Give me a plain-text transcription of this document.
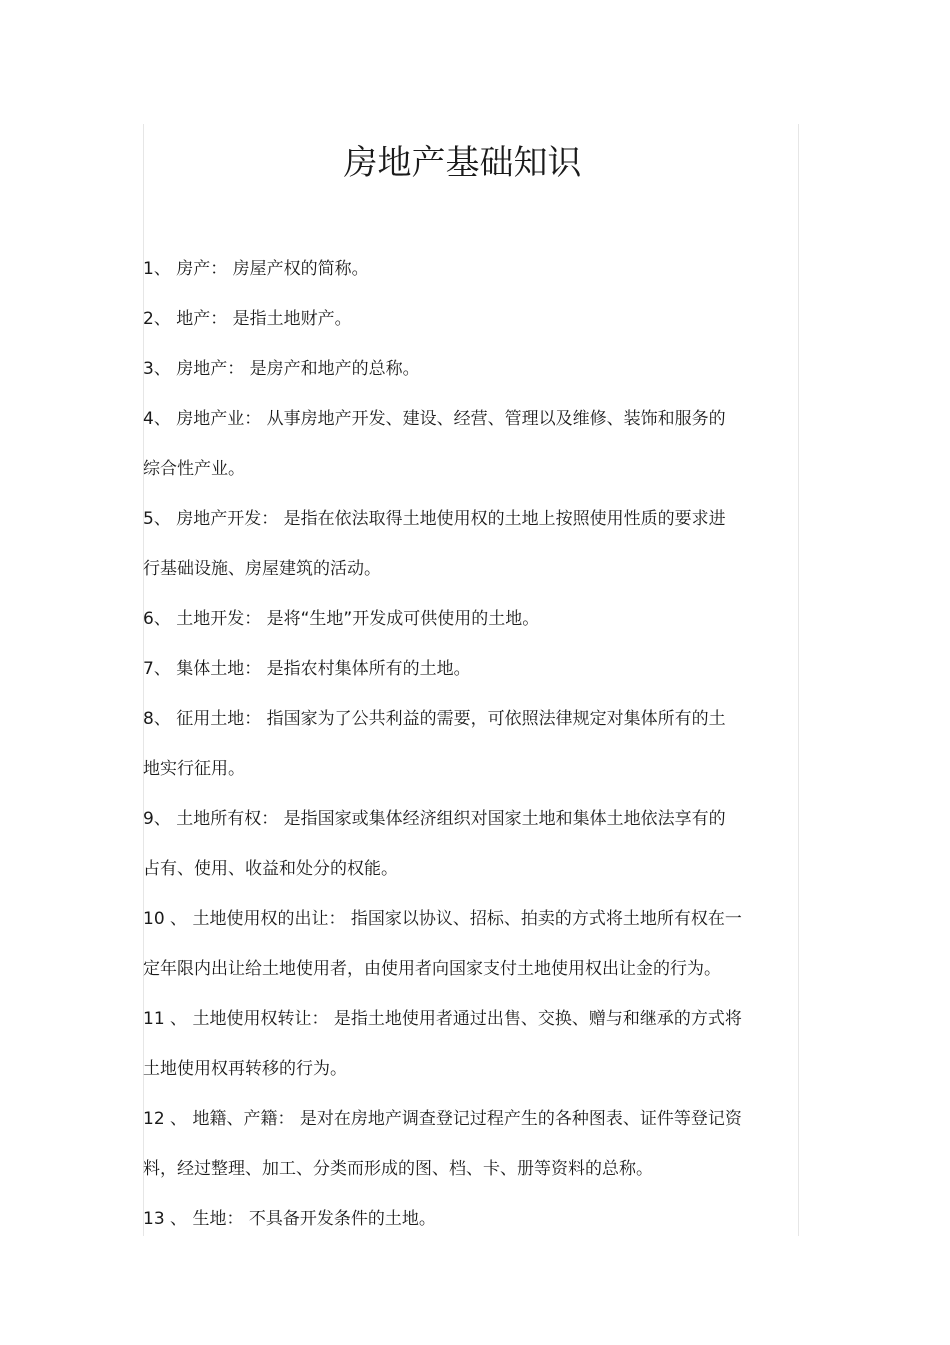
房地产基础知识
1、 房产： 房屋产权的简称。
2、 地产： 是指土地财产。
3、 房地产： 是房产和地产的总称。
4、 房地产业： 从事房地产开发、建设、经营、管理以及维修、装饰和服务的
综合性产业。
5、 房地产开发： 是指在依法取得土地使用权的土地上按照使用性质的要求进
行基础设施、房屋建筑的活动。
6、 土地开发： 是将“生地”开发成可供使用的土地。
7、 集体土地： 是指农村集体所有的土地。
8、 征用土地： 指国家为了公共利益的需要，可依照法律规定对集体所有的土
地实行征用。
9、 土地所有权： 是指国家或集体经济组织对国家土地和集体土地依法享有的
占有、使用、收益和处分的权能。
10 、 土地使用权的出让： 指国家以协议、招标、拍卖的方式将土地所有权在一
定年限内出让给土地使用者，由使用者向国家支付土地使用权出让金的行为。
11 、 土地使用权转让： 是指土地使用者通过出售、交换、赠与和继承的方式将
土地使用权再转移的行为。
12 、 地籍、产籍： 是对在房地产调查登记过程产生的各种图表、证件等登记资
料，经过整理、加工、分类而形成的图、档、卡、册等资料的总称。
13 、 生地： 不具备开发条件的土地。
